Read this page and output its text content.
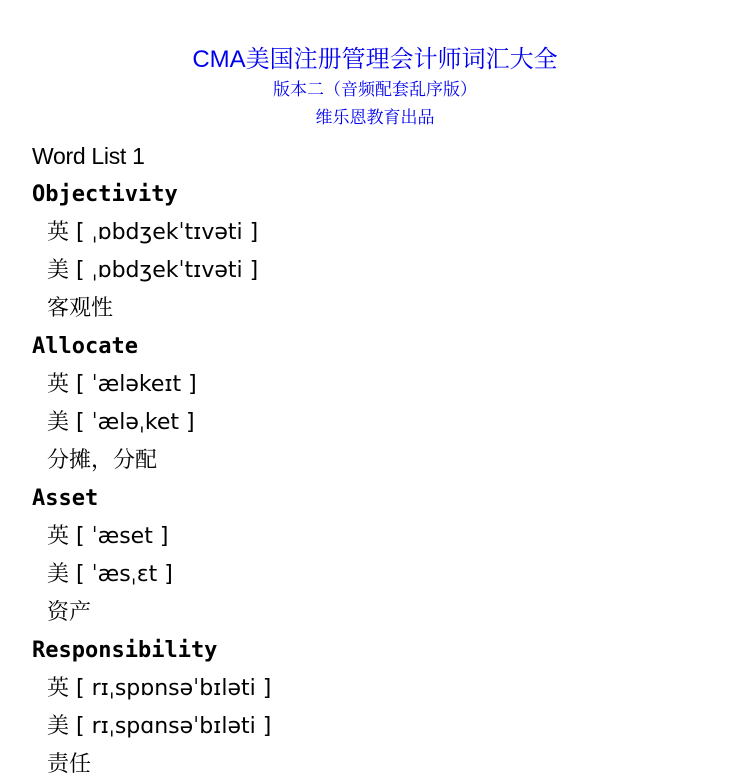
CMA美国注册管理会计师词汇大全
版本二（音频配套乱序版）
维乐恩教育出品
Word List 1
Objectivity
英 [ ˌɒbdʒekˈtɪvəti ]
美 [ ˌɒbdʒekˈtɪvəti ]
客观性
Allocate
英 [ ˈæləkeɪt ]
美 [ ˈæləˌket ]
分摊，分配
Asset
英 [ ˈæset ]
美 [ ˈæsˌɛt ]
资产
Responsibility
英 [ rɪˌspɒnsəˈbɪləti ]
美 [ rɪˌspɑnsəˈbɪləti ]
责任
